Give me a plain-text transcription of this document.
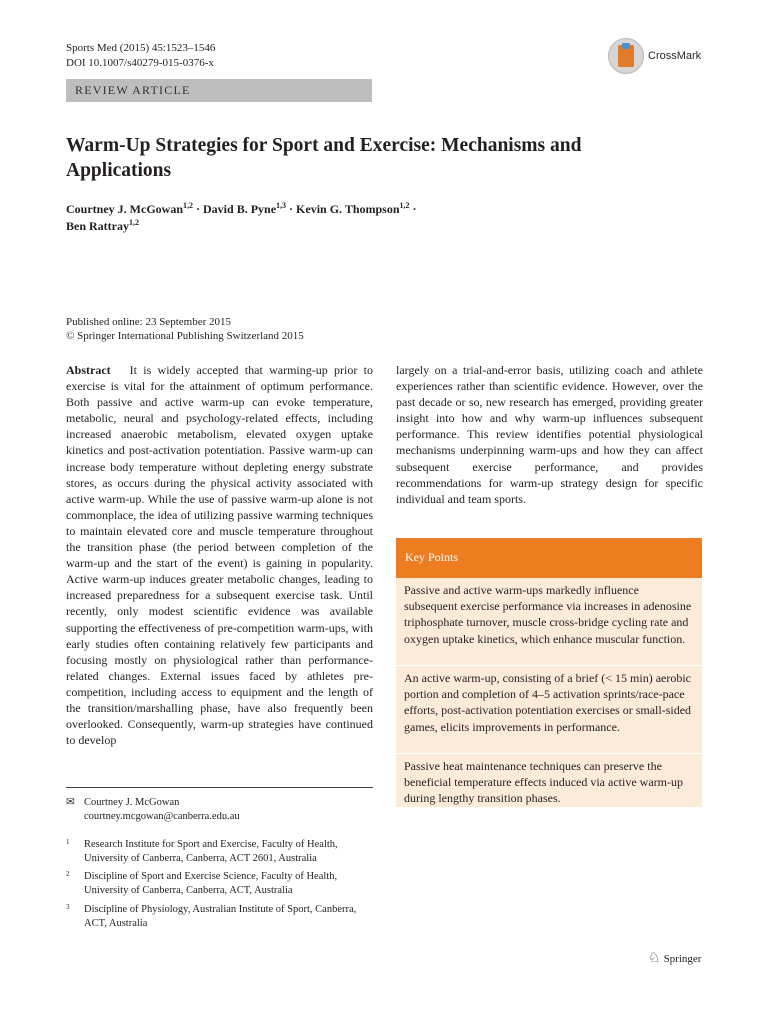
Sports Med (2015) 45:1523–1546
DOI 10.1007/s40279-015-0376-x
CrossMark
REVIEW ARTICLE
Warm-Up Strategies for Sport and Exercise: Mechanisms and Applications
Courtney J. McGowan$^{1,2}$ · David B. Pyne$^{1,3}$ · Kevin G. Thompson$^{1,2}$ ·
Ben Rattray$^{1,2}$
Published online: 23 September 2015
© Springer International Publishing Switzerland 2015
Abstract It is widely accepted that warming-up prior to exercise is vital for the attainment of optimum performance. Both passive and active warm-up can evoke temperature, metabolic, neural and psychology-related effects, including increased anaerobic metabolism, elevated oxygen uptake kinetics and post-activation potentiation. Passive warm-up can increase body temperature without depleting energy substrate stores, as occurs during the physical activity associated with active warm-up. While the use of passive warm-up alone is not commonplace, the idea of utilizing passive warming techniques to maintain elevated core and muscle temperature throughout the transition phase (the period between completion of the warm-up and the start of the event) is gaining in popularity. Active warm-up induces greater metabolic changes, leading to increased preparedness for a subsequent exercise task. Until recently, only modest scientific evidence was available supporting the effectiveness of pre-competition warm-ups, with early studies often containing relatively few participants and focusing mostly on physiological rather than performance-related changes. External issues faced by athletes pre-competition, including access to equipment and the length of the transition/marshalling phase, have also frequently been overlooked. Consequently, warm-up strategies have continued to develop
largely on a trial-and-error basis, utilizing coach and athlete experiences rather than scientific evidence. However, over the past decade or so, new research has emerged, providing greater insight into how and why warm-up influences subsequent performance. This review identifies potential physiological mechanisms underpinning warm-ups and how they can affect subsequent exercise performance, and provides recommendations for warm-up strategy design for specific individual and team sports.
Key Points
Passive and active warm-ups markedly influence subsequent exercise performance via increases in adenosine triphosphate turnover, muscle cross-bridge cycling rate and oxygen uptake kinetics, which enhance muscular function.
An active warm-up, consisting of a brief (< 15 min) aerobic portion and completion of 4–5 activation sprints/race-pace efforts, post-activation potentiation exercises or small-sided games, elicits improvements in performance.
Passive heat maintenance techniques can preserve the beneficial temperature effects induced via active warm-up during lengthy transition phases.
✉ Courtney J. McGowan
courtney.mcgowan@canberra.edu.au
1 Research Institute for Sport and Exercise, Faculty of Health, University of Canberra, Canberra, ACT 2601, Australia
2 Discipline of Sport and Exercise Science, Faculty of Health, University of Canberra, Canberra, ACT, Australia
3 Discipline of Physiology, Australian Institute of Sport, Canberra, ACT, Australia
♘ Springer
